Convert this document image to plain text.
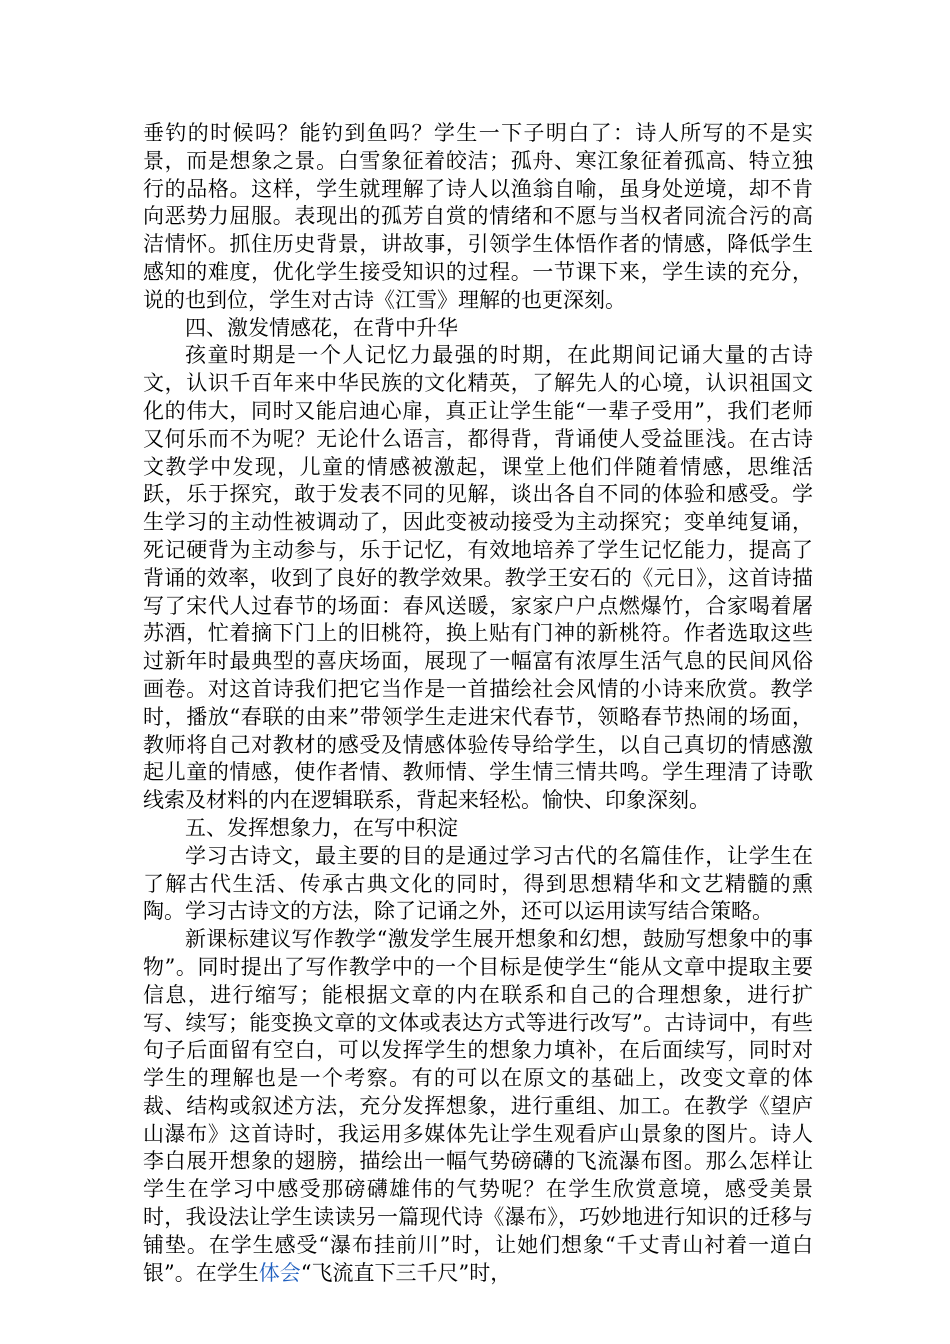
垂钓的时候吗？能钓到鱼吗？学生一下子明白了：诗人所写的不是实景，而是想象之景。白雪象征着皎洁；孤舟、寒江象征着孤高、特立独行的品格。这样，学生就理解了诗人以渔翁自喻，虽身处逆境，却不肯向恶势力屈服。表现出的孤芳自赏的情绪和不愿与当权者同流合污的高洁情怀。抓住历史背景，讲故事，引领学生体悟作者的情感，降低学生感知的难度，优化学生接受知识的过程。一节课下来，学生读的充分，说的也到位，学生对古诗《江雪》理解的也更深刻。

四、激发情感花，在背中升华

孩童时期是一个人记忆力最强的时期，在此期间记诵大量的古诗文，认识千百年来中华民族的文化精英，了解先人的心境，认识祖国文化的伟大，同时又能启迪心扉，真正让学生能“一辈子受用”，我们老师又何乐而不为呢？无论什么语言，都得背，背诵使人受益匪浅。在古诗文教学中发现，儿童的情感被激起，课堂上他们伴随着情感，思维活跃，乐于探究，敢于发表不同的见解，谈出各自不同的体验和感受。学生学习的主动性被调动了，因此变被动接受为主动探究；变单纯复诵，死记硬背为主动参与，乐于记忆，有效地培养了学生记忆能力，提高了背诵的效率，收到了良好的教学效果。教学王安石的《元日》，这首诗描写了宋代人过春节的场面：春风送暖，家家户户点燃爆竹，合家喝着屠苏酒，忙着摘下门上的旧桃符，换上贴有门神的新桃符。作者选取这些过新年时最典型的喜庆场面，展现了一幅富有浓厚生活气息的民间风俗画卷。对这首诗我们把它当作是一首描绘社会风情的小诗来欣赏。教学时，播放“春联的由来”带领学生走进宋代春节，领略春节热闹的场面，教师将自己对教材的感受及情感体验传导给学生，以自己真切的情感激起儿童的情感，使作者情、教师情、学生情三情共鸣。学生理清了诗歌线索及材料的内在逻辑联系，背起来轻松。愉快、印象深刻。

五、发挥想象力，在写中积淀

学习古诗文，最主要的目的是通过学习古代的名篇佳作，让学生在了解古代生活、传承古典文化的同时，得到思想精华和文艺精髓的熏陶。学习古诗文的方法，除了记诵之外，还可以运用读写结合策略。

新课标建议写作教学“激发学生展开想象和幻想，鼓励写想象中的事物”。同时提出了写作教学中的一个目标是使学生“能从文章中提取主要信息，进行缩写；能根据文章的内在联系和自己的合理想象，进行扩写、续写；能变换文章的文体或表达方式等进行改写”。古诗词中，有些句子后面留有空白，可以发挥学生的想象力填补，在后面续写，同时对学生的理解也是一个考察。有的可以在原文的基础上，改变文章的体裁、结构或叙述方法，充分发挥想象，进行重组、加工。在教学《望庐山瀑布》这首诗时，我运用多媒体先让学生观看庐山景象的图片。诗人李白展开想象的翅膀，描绘出一幅气势磅礴的飞流瀑布图。那么怎样让学生在学习中感受那磅礴雄伟的气势呢？在学生欣赏意境，感受美景时，我设法让学生读读另一篇现代诗《瀑布》，巧妙地进行知识的迁移与铺垫。在学生感受“瀑布挂前川”时，让她们想象“千丈青山衬着一道白银”。在学生体会“飞流直下三千尺”时，
